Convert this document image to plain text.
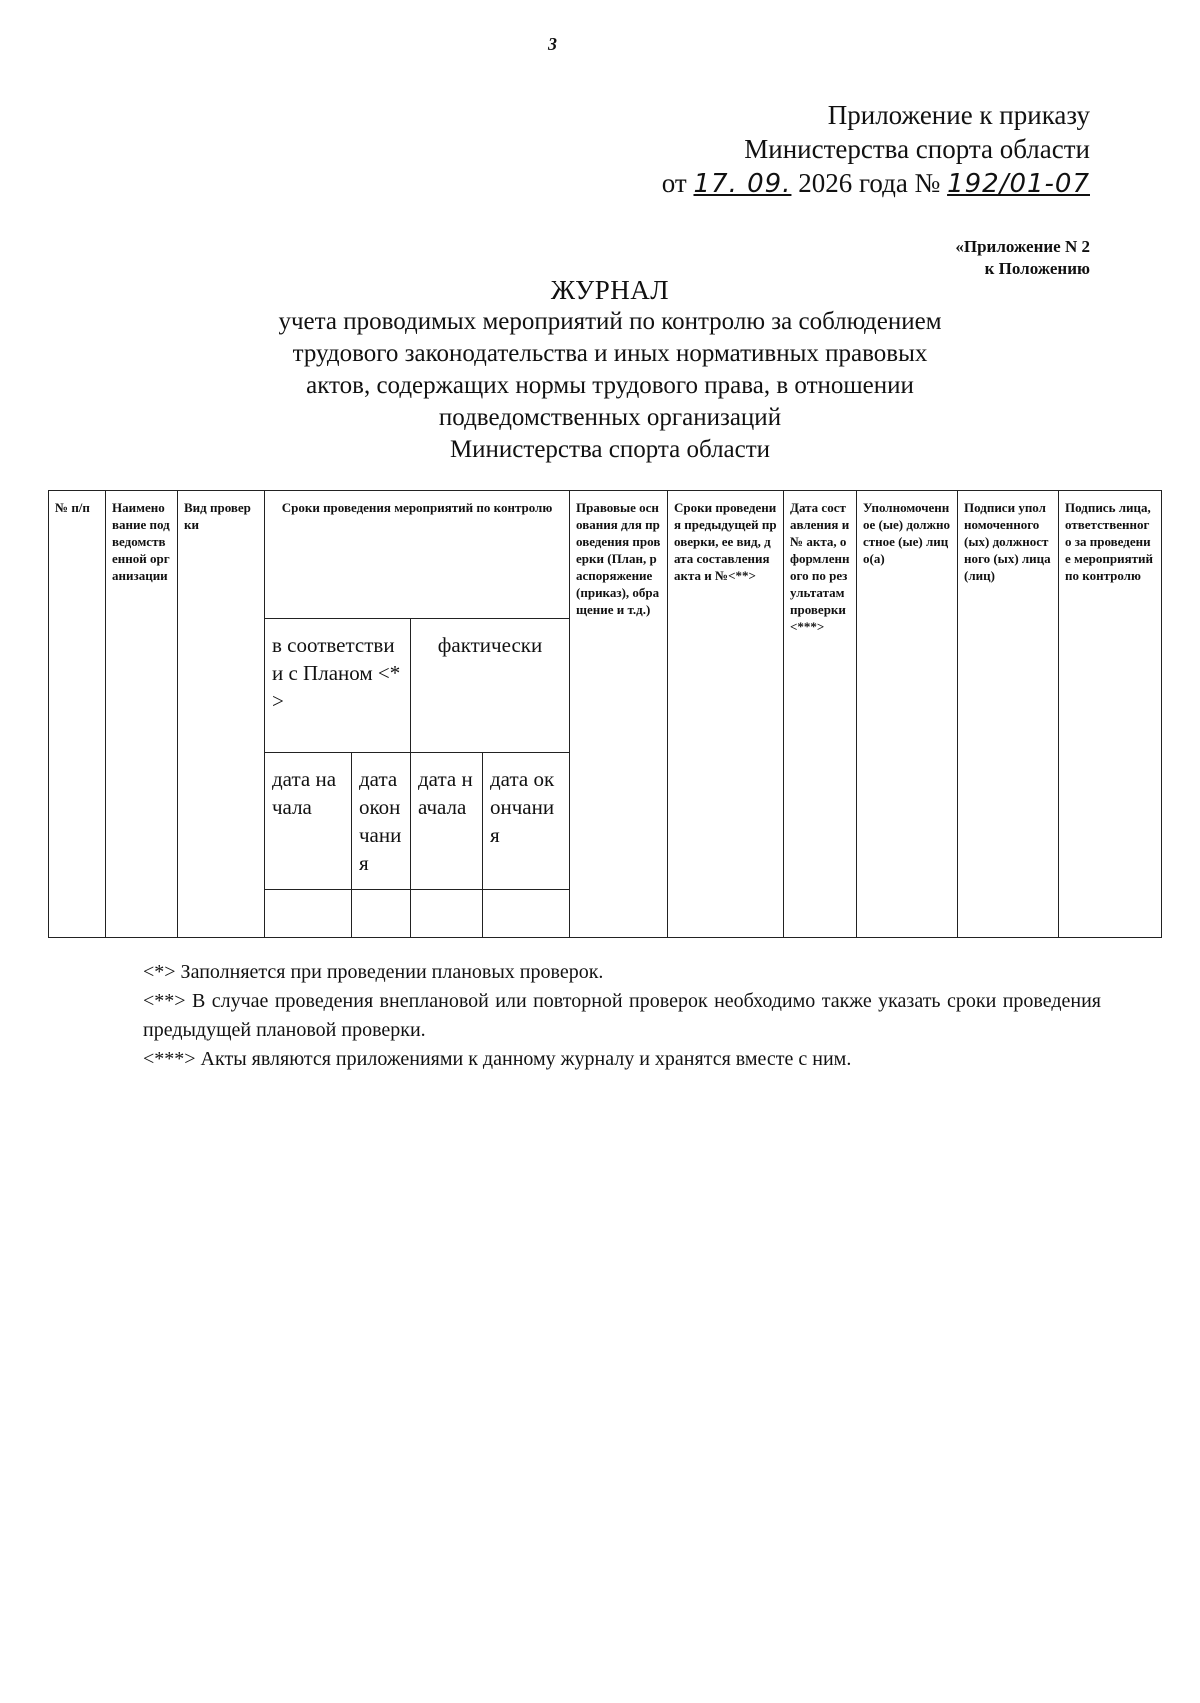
3
Приложение к приказу
Министерства спорта области
от 17. 09. 2026 года № 192/01-07
«Приложение N 2
к Положению
ЖУРНАЛ
учета проводимых мероприятий по контролю за соблюдением
трудового законодательства и иных нормативных правовых
актов, содержащих нормы трудового права, в отношении
подведомственных организаций
Министерства спорта области
№ п/п	Наименование подведомственной организации	Вид проверки	Сроки проведения мероприятий по контролю				Правовые основания для проведения проверки (План, распоряжение (приказ), обращение и т.д.)	Сроки проведения предыдущей проверки, ее вид, дата составления акта и №<**>	Дата составления и № акта, оформленного по результатам проверки <***>	Уполномоченное (ые) должностное (ые) лицо(а)	Подписи уполномоченного (ых) должностного (ых) лица (лиц)	Подпись лица, ответственного за проведение мероприятий по контролю
			в соответствии с Планом <*>		фактически							
			дата начала	дата окончания	дата начала	дата окончания						

<*> Заполняется при проведении плановых проверок.

<**> В случае проведения внеплановой или повторной проверок необходимо также указать сроки проведения предыдущей плановой проверки.

<***> Акты являются приложениями к данному журналу и хранятся вместе с ним.
